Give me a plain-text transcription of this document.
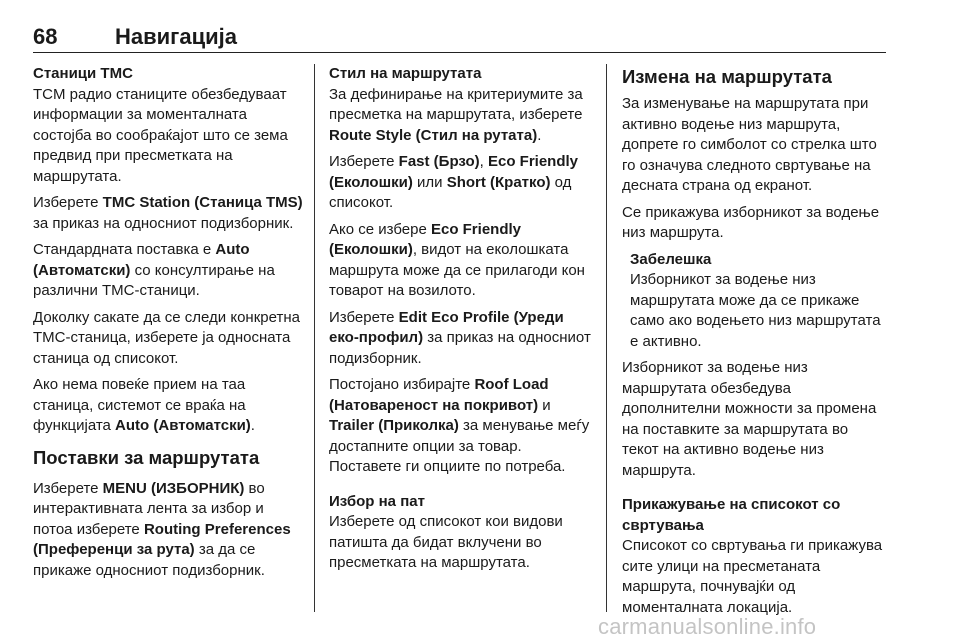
68	Навигација

Станици TMC

TCM радио станиците обезбедуваат информации за моменталната состојба во сообраќајот што се зема предвид при пресметката на маршрутата.

Изберете TMC Station (Станица TMS) за приказ на односниот подизборник.

Стандардната поставка е Auto (Автоматски) со консултирање на различни TMC-станици.

Доколку сакате да се следи конкретна TMC-станица, изберете ја односната станица од списокот.

Ако нема повеќе прием на таа станица, системот се враќа на функцијата Auto (Автоматски).

Поставки за маршрутата

Изберете MENU (ИЗБОРНИК) во интерактивната лента за избор и потоа изберете Routing Preferences (Преференци за рута) за да се прикаже односниот подизборник.

Стил на маршрутата

За дефинирање на критериумите за пресметка на маршрутата, изберете Route Style (Стил на рутата).

Изберете Fast (Брзо), Eco Friendly (Еколошки) или Short (Кратко) од списокот.

Ако се избере Eco Friendly (Еколошки), видот на еколошката маршрута може да се прилагоди кон товарот на возилото.

Изберете Edit Eco Profile (Уреди еко-профил) за приказ на односниот подизборник.

Постојано избирајте Roof Load (Натовареност на покривот) и Trailer (Приколка) за менување меѓу достапните опции за товар. Поставете ги опциите по потреба.

Избор на пат

Изберете од списокот кои видови патишта да бидат вклучени во пресметката на маршрутата.

Измена на маршрутата

За изменување на маршрутата при активно водење низ маршрута, допрете го симболот со стрелка што го означува следното свртување на десната страна од екранот.

Се прикажува изборникот за водење низ маршрута.

Забелешка
Изборникот за водење низ маршрутата може да се прикаже само ако водењето низ маршрутата е активно.

Изборникот за водење низ маршрутата обезбедува дополнителни можности за промена на поставките за маршрутата во текот на активно водење низ маршрута.

Прикажување на списокот со свртувања

Списокот со свртувања ги прикажува сите улици на пресметаната маршрута, почнувајќи од моменталната локација.

carmanualsonline.info
